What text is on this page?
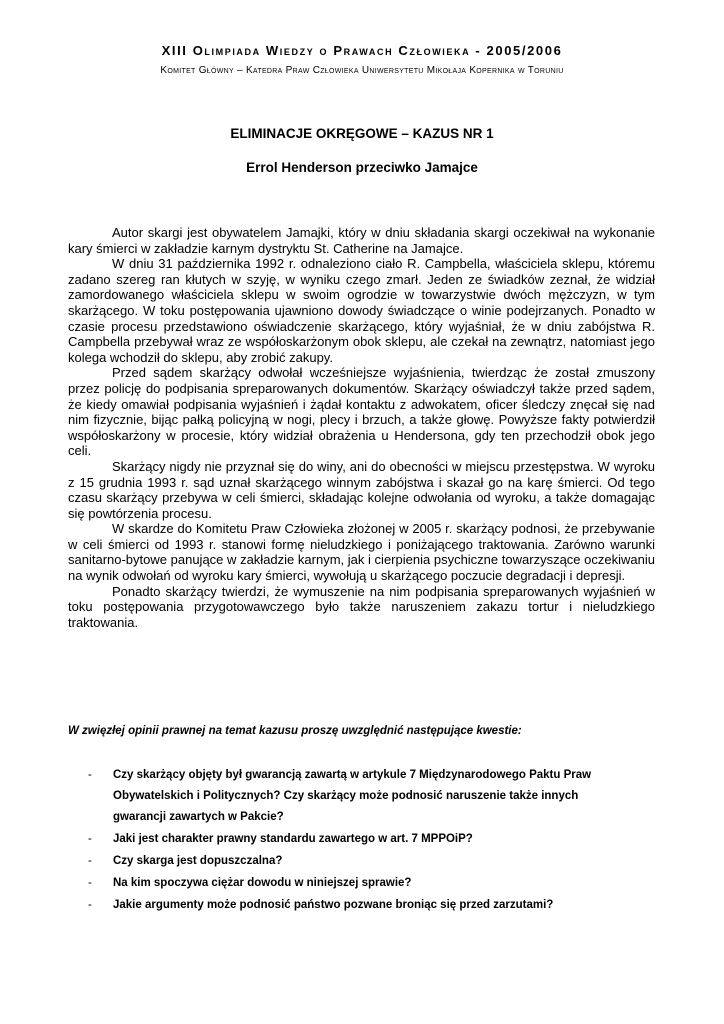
XIII Olimpiada Wiedzy o Prawach Człowieka - 2005/2006
Komitet Główny – Katedra Praw Człowieka Uniwersytetu Mikołaja Kopernika w Toruniu
ELIMINACJE OKRĘGOWE – KAZUS NR 1
Errol Henderson przeciwko Jamajce

Autor skargi jest obywatelem Jamajki, który w dniu składania skargi oczekiwał na wykonanie kary śmierci w zakładzie karnym dystryktu St. Catherine na Jamajce.

W dniu 31 października 1992 r. odnaleziono ciało R. Campbella, właściciela sklepu, któremu zadano szereg ran kłutych w szyję, w wyniku czego zmarł. Jeden ze świadków zeznał, że widział zamordowanego właściciela sklepu w swoim ogrodzie w towarzystwie dwóch mężczyzn, w tym skarżącego. W toku postępowania ujawniono dowody świadczące o winie podejrzanych. Ponadto w czasie procesu przedstawiono oświadczenie skarżącego, który wyjaśniał, że w dniu zabójstwa R. Campbella przebywał wraz ze współoskarżonym obok sklepu, ale czekał na zewnątrz, natomiast jego kolega wchodził do sklepu, aby zrobić zakupy.

Przed sądem skarżący odwołał wcześniejsze wyjaśnienia, twierdząc że został zmuszony przez policję do podpisania spreparowanych dokumentów. Skarżący oświadczył także przed sądem, że kiedy omawiał podpisania wyjaśnień i żądał kontaktu z adwokatem, oficer śledczy znęcał się nad nim fizycznie, bijąc pałką policyjną w nogi, plecy i brzuch, a także głowę. Powyższe fakty potwierdził współoskarżony w procesie, który widział obrażenia u Hendersona, gdy ten przechodził obok jego celi.

Skarżący nigdy nie przyznał się do winy, ani do obecności w miejscu przestępstwa. W wyroku z 15 grudnia 1993 r. sąd uznał skarżącego winnym zabójstwa i skazał go na karę śmierci. Od tego czasu skarżący przebywa w celi śmierci, składając kolejne odwołania od wyroku, a także domagając się powtórzenia procesu.

W skardze do Komitetu Praw Człowieka złożonej w 2005 r. skarżący podnosi, że przebywanie w celi śmierci od 1993 r. stanowi formę nieludzkiego i poniżającego traktowania. Zarówno warunki sanitarno-bytowe panujące w zakładzie karnym, jak i cierpienia psychiczne towarzyszące oczekiwaniu na wynik odwołań od wyroku kary śmierci, wywołują u skarżącego poczucie degradacji i depresji.

Ponadto skarżący twierdzi, że wymuszenie na nim podpisania spreparowanych wyjaśnień w toku postępowania przygotowawczego było także naruszeniem zakazu tortur i nieludzkiego traktowania.

W zwięzłej opinii prawnej na temat kazusu proszę uwzględnić następujące kwestie:
- Czy skarżący objęty był gwarancją zawartą w artykule 7 Międzynarodowego Paktu Praw Obywatelskich i Politycznych? Czy skarżący może podnosić naruszenie także innych gwarancji zawartych w Pakcie?
- Jaki jest charakter prawny standardu zawartego w art. 7 MPPOiP?
- Czy skarga jest dopuszczalna?
- Na kim spoczywa ciężar dowodu w niniejszej sprawie?
- Jakie argumenty może podnosić państwo pozwane broniąc się przed zarzutami?
